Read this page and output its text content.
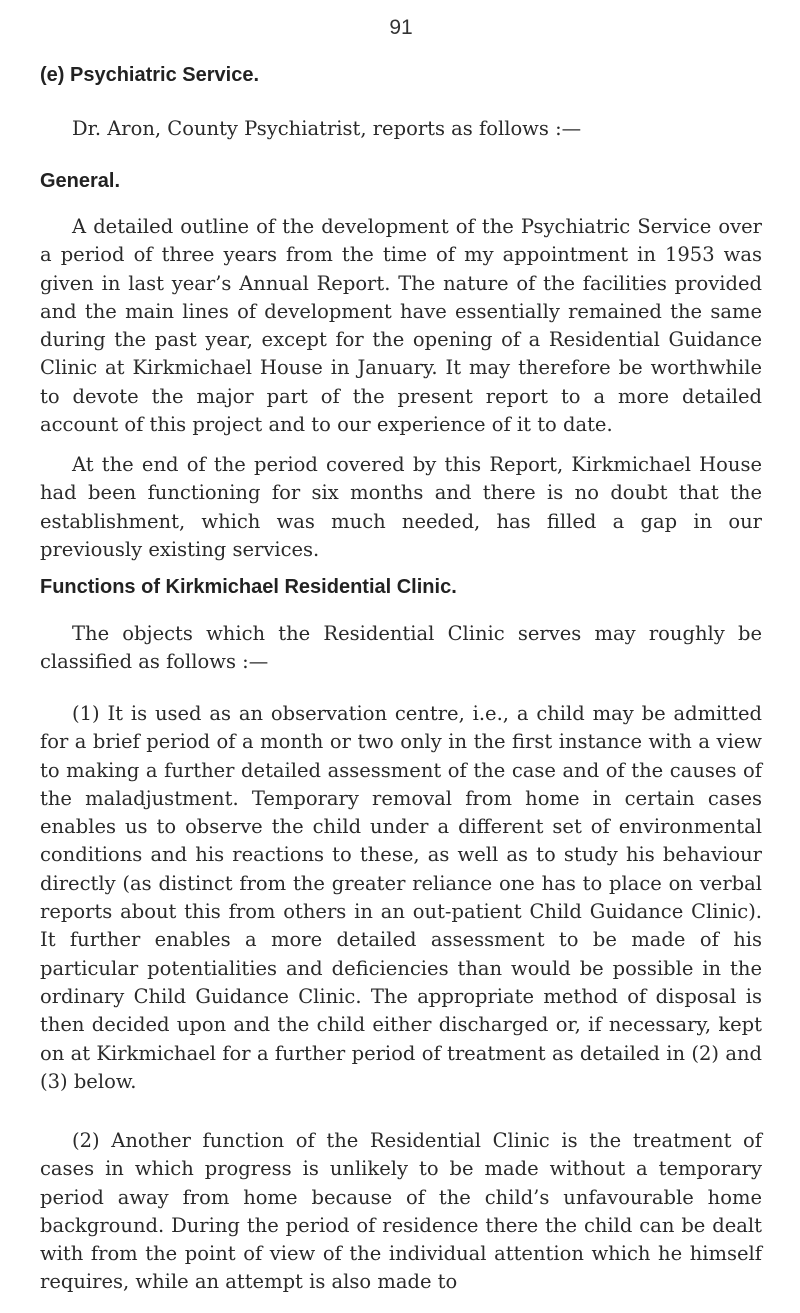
91
(e) Psychiatric Service.
Dr. Aron, County Psychiatrist, reports as follows :—
General.

A detailed outline of the development of the Psychiatric Service over a period of three years from the time of my appointment in 1953 was given in last year’s Annual Report. The nature of the facilities provided and the main lines of development have essentially remained the same during the past year, except for the opening of a Residential Guidance Clinic at Kirkmichael House in January. It may therefore be worthwhile to devote the major part of the present report to a more detailed account of this project and to our experience of it to date.

At the end of the period covered by this Report, Kirkmichael House had been functioning for six months and there is no doubt that the establishment, which was much needed, has filled a gap in our previously existing services.

Functions of Kirkmichael Residential Clinic.

The objects which the Residential Clinic serves may roughly be classified as follows :—

(1) It is used as an observation centre, i.e., a child may be admitted for a brief period of a month or two only in the first instance with a view to making a further detailed assessment of the case and of the causes of the maladjustment. Temporary removal from home in certain cases enables us to observe the child under a different set of environmental conditions and his reactions to these, as well as to study his behaviour directly (as distinct from the greater reliance one has to place on verbal reports about this from others in an out-patient Child Guidance Clinic). It further enables a more detailed assessment to be made of his particular potentialities and deficiencies than would be possible in the ordinary Child Guidance Clinic. The appropriate method of disposal is then decided upon and the child either discharged or, if necessary, kept on at Kirkmichael for a further period of treatment as detailed in (2) and (3) below.

(2) Another function of the Residential Clinic is the treatment of cases in which progress is unlikely to be made without a temporary period away from home because of the child’s unfavourable home background. During the period of residence there the child can be dealt with from the point of view of the individual attention which he himself requires, while an attempt is also made to
